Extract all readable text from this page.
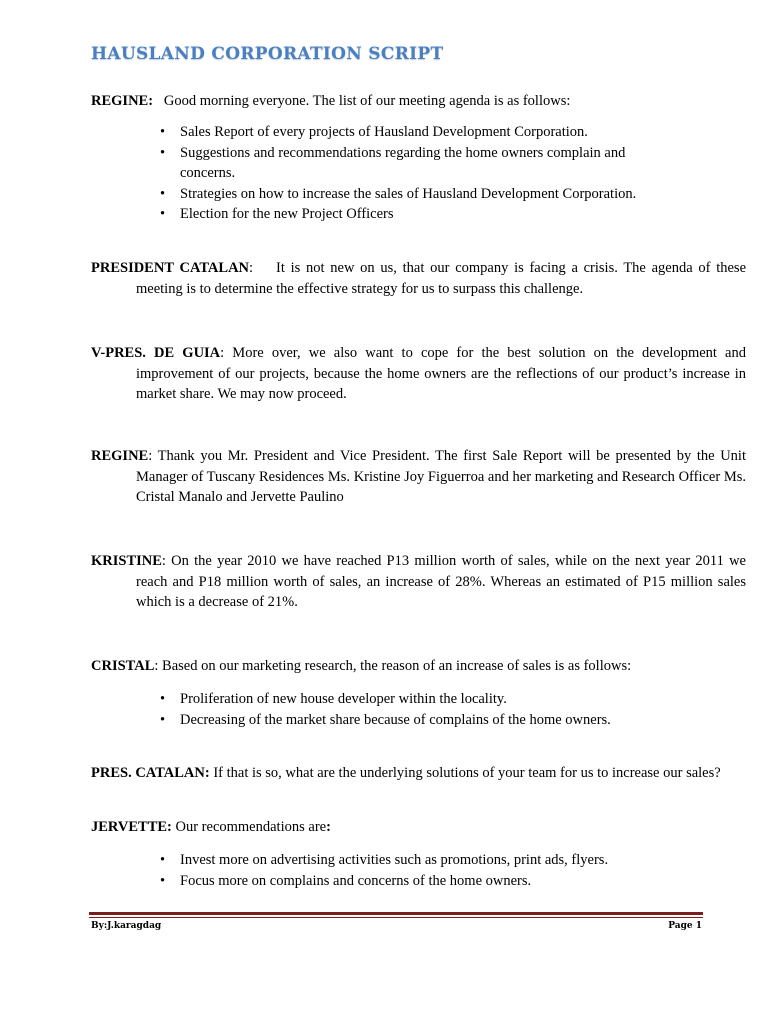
HAUSLAND CORPORATION SCRIPT

REGINE: Good morning everyone. The list of our meeting agenda is as follows:

• Sales Report of every projects of Hausland Development Corporation.
• Suggestions and recommendations regarding the home owners complain and concerns.
• Strategies on how to increase the sales of Hausland Development Corporation.
• Election for the new Project Officers

PRESIDENT CATALAN: It is not new on us, that our company is facing a crisis. The agenda of these meeting is to determine the effective strategy for us to surpass this challenge.

V-PRES. DE GUIA: More over, we also want to cope for the best solution on the development and improvement of our projects, because the home owners are the reflections of our product’s increase in market share. We may now proceed.

REGINE: Thank you Mr. President and Vice President. The first Sale Report will be presented by the Unit Manager of Tuscany Residences Ms. Kristine Joy Figuerroa and her marketing and Research Officer Ms. Cristal Manalo and Jervette Paulino

KRISTINE: On the year 2010 we have reached P13 million worth of sales, while on the next year 2011 we reach and P18 million worth of sales, an increase of 28%. Whereas an estimated of P15 million sales which is a decrease of 21%.

CRISTAL: Based on our marketing research, the reason of an increase of sales is as follows:

• Proliferation of new house developer within the locality.
• Decreasing of the market share because of complains of the home owners.

PRES. CATALAN: If that is so, what are the underlying solutions of your team for us to increase our sales?

JERVETTE: Our recommendations are:

• Invest more on advertising activities such as promotions, print ads, flyers.
• Focus more on complains and concerns of the home owners.
By:J.karagdag	Page 1
